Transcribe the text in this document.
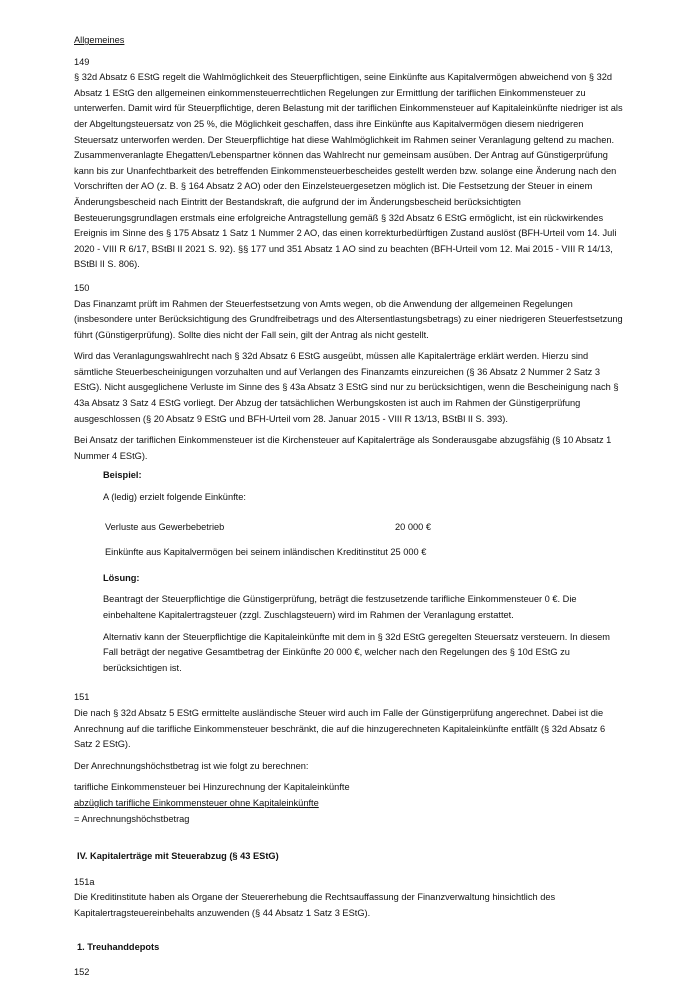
Allgemeines

149

§ 32d Absatz 6 EStG regelt die Wahlmöglichkeit des Steuerpflichtigen, seine Einkünfte aus Kapitalvermögen abweichend von § 32d Absatz 1 EStG den allgemeinen einkommensteuerrechtlichen Regelungen zur Ermittlung der tariflichen Einkommensteuer zu unterwerfen. Damit wird für Steuerpflichtige, deren Belastung mit der tariflichen Einkommensteuer auf Kapitaleinkünfte niedriger ist als der Abgeltungsteuersatz von 25 %, die Möglichkeit geschaffen, dass ihre Einkünfte aus Kapitalvermögen diesem niedrigeren Steuersatz unterworfen werden. Der Steuerpflichtige hat diese Wahlmöglichkeit im Rahmen seiner Veranlagung geltend zu machen. Zusammenveranlagte Ehegatten/Lebenspartner können das Wahlrecht nur gemeinsam ausüben. Der Antrag auf Günstigerprüfung kann bis zur Unanfechtbarkeit des betreffenden Einkommensteuerbescheides gestellt werden bzw. solange eine Änderung nach den Vorschriften der AO (z. B. § 164 Absatz 2 AO) oder den Einzelsteuergesetzen möglich ist. Die Festsetzung der Steuer in einem Änderungsbescheid nach Eintritt der Bestandskraft, die aufgrund der im Änderungsbescheid berücksichtigten Besteuerungsgrundlagen erstmals eine erfolgreiche Antragstellung gemäß § 32d Absatz 6 EStG ermöglicht, ist ein rückwirkendes Ereignis im Sinne des § 175 Absatz 1 Satz 1 Nummer 2 AO, das einen korrekturbedürftigen Zustand auslöst (BFH-Urteil vom 14. Juli 2020 - VIII R 6/17, BStBl II 2021 S. 92). §§ 177 und 351 Absatz 1 AO sind zu beachten (BFH-Urteil vom 12. Mai 2015 - VIII R 14/13, BStBl II S. 806).

150

Das Finanzamt prüft im Rahmen der Steuerfestsetzung von Amts wegen, ob die Anwendung der allgemeinen Regelungen (insbesondere unter Berücksichtigung des Grundfreibetrags und des Altersentlastungsbetrags) zu einer niedrigeren Steuerfestsetzung führt (Günstigerprüfung). Sollte dies nicht der Fall sein, gilt der Antrag als nicht gestellt.

Wird das Veranlagungswahlrecht nach § 32d Absatz 6 EStG ausgeübt, müssen alle Kapitalerträge erklärt werden. Hierzu sind sämtliche Steuerbescheinigungen vorzuhalten und auf Verlangen des Finanzamts einzureichen (§ 36 Absatz 2 Nummer 2 Satz 3 EStG). Nicht ausgeglichene Verluste im Sinne des § 43a Absatz 3 EStG sind nur zu berücksichtigen, wenn die Bescheinigung nach § 43a Absatz 3 Satz 4 EStG vorliegt. Der Abzug der tatsächlichen Werbungskosten ist auch im Rahmen der Günstigerprüfung ausgeschlossen (§ 20 Absatz 9 EStG und BFH-Urteil vom 28. Januar 2015 - VIII R 13/13, BStBl II S. 393).

Bei Ansatz der tariflichen Einkommensteuer ist die Kirchensteuer auf Kapitalerträge als Sonderausgabe abzugsfähig (§ 10 Absatz 1 Nummer 4 EStG).

Beispiel:

A (ledig) erzielt folgende Einkünfte:

Verluste aus Gewerbebetrieb	20 000 €
Einkünfte aus Kapitalvermögen bei seinem inländischen Kreditinstitut 25 000 €

Lösung:

Beantragt der Steuerpflichtige die Günstigerprüfung, beträgt die festzusetzende tarifliche Einkommensteuer 0 €. Die einbehaltene Kapitalertragsteuer (zzgl. Zuschlagsteuern) wird im Rahmen der Veranlagung erstattet.

Alternativ kann der Steuerpflichtige die Kapitaleinkünfte mit dem in § 32d EStG geregelten Steuersatz versteuern. In diesem Fall beträgt der negative Gesamtbetrag der Einkünfte 20 000 €, welcher nach den Regelungen des § 10d EStG zu berücksichtigen ist.

151

Die nach § 32d Absatz 5 EStG ermittelte ausländische Steuer wird auch im Falle der Günstigerprüfung angerechnet. Dabei ist die Anrechnung auf die tarifliche Einkommensteuer beschränkt, die auf die hinzugerechneten Kapitaleinkünfte entfällt (§ 32d Absatz 6 Satz 2 EStG).

Der Anrechnungshöchstbetrag ist wie folgt zu berechnen:

tarifliche Einkommensteuer bei Hinzurechnung der Kapitaleinkünfte

abzüglich tarifliche Einkommensteuer ohne Kapitaleinkünfte

= Anrechnungshöchstbetrag

IV. Kapitalerträge mit Steuerabzug (§ 43 EStG)

151a

Die Kreditinstitute haben als Organe der Steuererhebung die Rechtsauffassung der Finanzverwaltung hinsichtlich des Kapitalertragsteuereinbehalts anzuwenden (§ 44 Absatz 1 Satz 3 EStG).

1. Treuhanddepots

152
